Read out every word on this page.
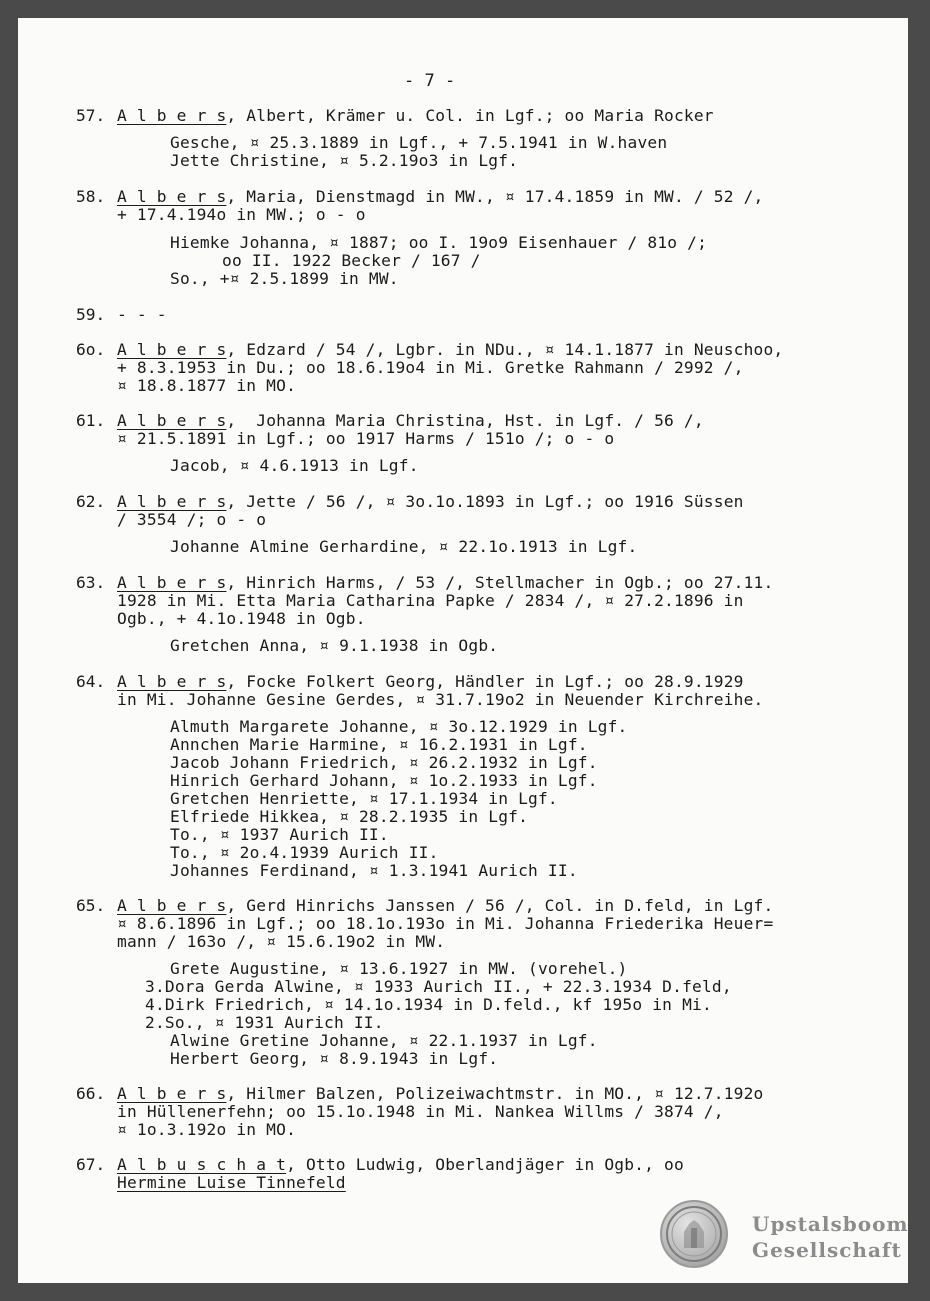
- 7 -
57. A l b e r s, Albert, Krämer u. Col. in Lgf.; oo Maria Rocker
Gesche, ¤ 25.3.1889 in Lgf., + 7.5.1941 in W.haven
Jette Christine, ¤ 5.2.19o3 in Lgf.
58. A l b e r s, Maria, Dienstmagd in MW., ¤ 17.4.1859 in MW. / 52 /,
+ 17.4.194o in MW.; o - o
Hiemke Johanna, ¤ 1887; oo I. 19o9 Eisenhauer / 81o /;
oo II. 1922 Becker / 167 /
So., +¤ 2.5.1899 in MW.
59. - - -
6o. A l b e r s, Edzard / 54 /, Lgbr. in NDu., ¤ 14.1.1877 in Neuschoo,
+ 8.3.1953 in Du.; oo 18.6.19o4 in Mi. Gretke Rahmann / 2992 /,
¤ 18.8.1877 in MO.
61. A l b e r s,  Johanna Maria Christina, Hst. in Lgf. / 56 /,
¤ 21.5.1891 in Lgf.; oo 1917 Harms / 151o /; o - o
Jacob, ¤ 4.6.1913 in Lgf.
62. A l b e r s, Jette / 56 /, ¤ 3o.1o.1893 in Lgf.; oo 1916 Süssen
/ 3554 /; o - o
Johanne Almine Gerhardine, ¤ 22.1o.1913 in Lgf.
63. A l b e r s, Hinrich Harms, / 53 /, Stellmacher in Ogb.; oo 27.11.
1928 in Mi. Etta Maria Catharina Papke / 2834 /, ¤ 27.2.1896 in
Ogb., + 4.1o.1948 in Ogb.
Gretchen Anna, ¤ 9.1.1938 in Ogb.
64. A l b e r s, Focke Folkert Georg, Händler in Lgf.; oo 28.9.1929
in Mi. Johanne Gesine Gerdes, ¤ 31.7.19o2 in Neuender Kirchreihe.
Almuth Margarete Johanne, ¤ 3o.12.1929 in Lgf.
Annchen Marie Harmine, ¤ 16.2.1931 in Lgf.
Jacob Johann Friedrich, ¤ 26.2.1932 in Lgf.
Hinrich Gerhard Johann, ¤ 1o.2.1933 in Lgf.
Gretchen Henriette, ¤ 17.1.1934 in Lgf.
Elfriede Hikkea, ¤ 28.2.1935 in Lgf.
To., ¤ 1937 Aurich II.
To., ¤ 2o.4.1939 Aurich II.
Johannes Ferdinand, ¤ 1.3.1941 Aurich II.
65. A l b e r s, Gerd Hinrichs Janssen / 56 /, Col. in D.feld, in Lgf.
¤ 8.6.1896 in Lgf.; oo 18.1o.193o in Mi. Johanna Friederika Heuer=
mann / 163o /, ¤ 15.6.19o2 in MW.
Grete Augustine, ¤ 13.6.1927 in MW. (vorehel.)
3.Dora Gerda Alwine, ¤ 1933 Aurich II., + 22.3.1934 D.feld,
4.Dirk Friedrich, ¤ 14.1o.1934 in D.feld., kf 195o in Mi.
2.So., ¤ 1931 Aurich II.
Alwine Gretine Johanne, ¤ 22.1.1937 in Lgf.
Herbert Georg, ¤ 8.9.1943 in Lgf.
66. A l b e r s, Hilmer Balzen, Polizeiwachtmstr. in MO., ¤ 12.7.192o
in Hüllenerfehn; oo 15.1o.1948 in Mi. Nankea Willms / 3874 /,
¤ 1o.3.192o in MO.
67. A l b u s c h a t, Otto Ludwig, Oberlandjäger in Ogb., oo
Hermine Luise Tinnefeld
Upstalsboom
Gesellschaft
